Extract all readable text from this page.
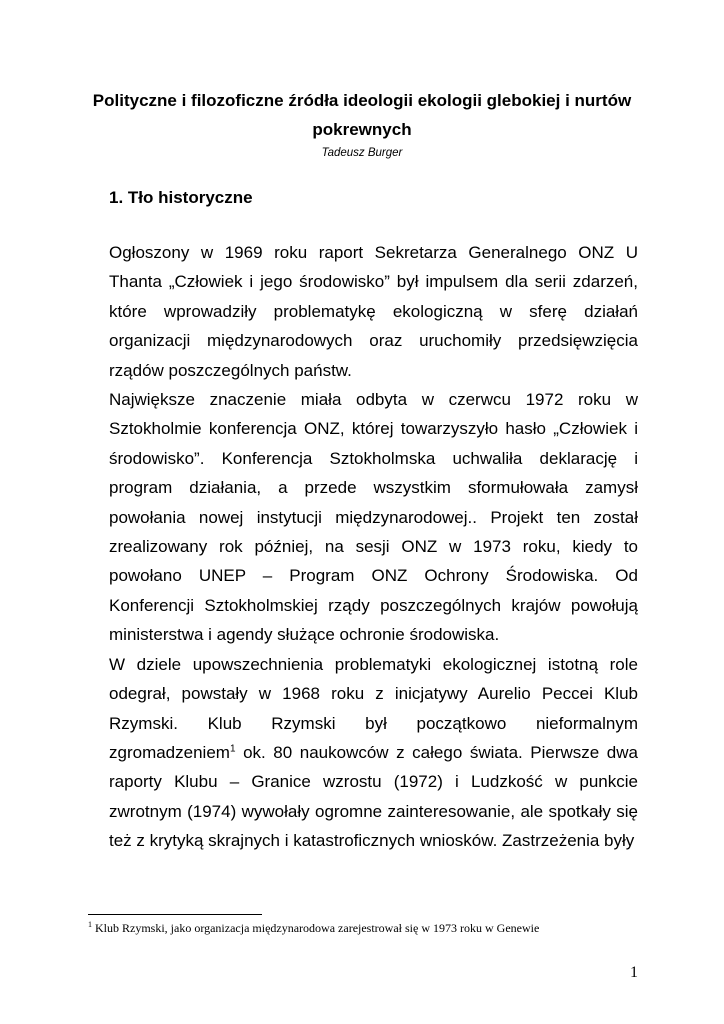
Polityczne i filozoficzne źródła ideologii ekologii glebokiej i nurtów pokrewnych

Tadeusz Burger

1. Tło historyczne

Ogłoszony w 1969 roku raport Sekretarza Generalnego ONZ U Thanta „Człowiek i jego środowisko” był impulsem dla serii zdarzeń, które wprowadziły problematykę ekologiczną w sferę działań organizacji międzynarodowych oraz uruchomiły przedsięwzięcia rządów poszczególnych państw.

Największe znaczenie miała odbyta w czerwcu 1972 roku w Sztokholmie konferencja ONZ, której towarzyszyło hasło „Człowiek i środowisko”. Konferencja Sztokholmska uchwaliła deklarację i program działania, a przede wszystkim sformułowała zamysł powołania nowej instytucji międzynarodowej.. Projekt ten został zrealizowany rok później, na sesji ONZ w 1973 roku, kiedy to powołano UNEP – Program ONZ Ochrony Środowiska. Od Konferencji Sztokholmskiej rządy poszczególnych krajów powołują ministerstwa i agendy służące ochronie środowiska.

W dziele upowszechnienia problematyki ekologicznej istotną role odegrał, powstały w 1968 roku z inicjatywy Aurelio Peccei Klub Rzymski. Klub Rzymski był początkowo nieformalnym zgromadzeniem$^1$ ok. 80 naukowców z całego świata. Pierwsze dwa raporty Klubu – Granice wzrostu (1972) i Ludzkość w punkcie zwrotnym (1974) wywołały ogromne zainteresowanie, ale spotkały się też z krytyką skrajnych i katastroficznych wniosków. Zastrzeżenia były

$^1$ Klub Rzymski, jako organizacja międzynarodowa zarejestrował się w 1973 roku w Genewie

1
